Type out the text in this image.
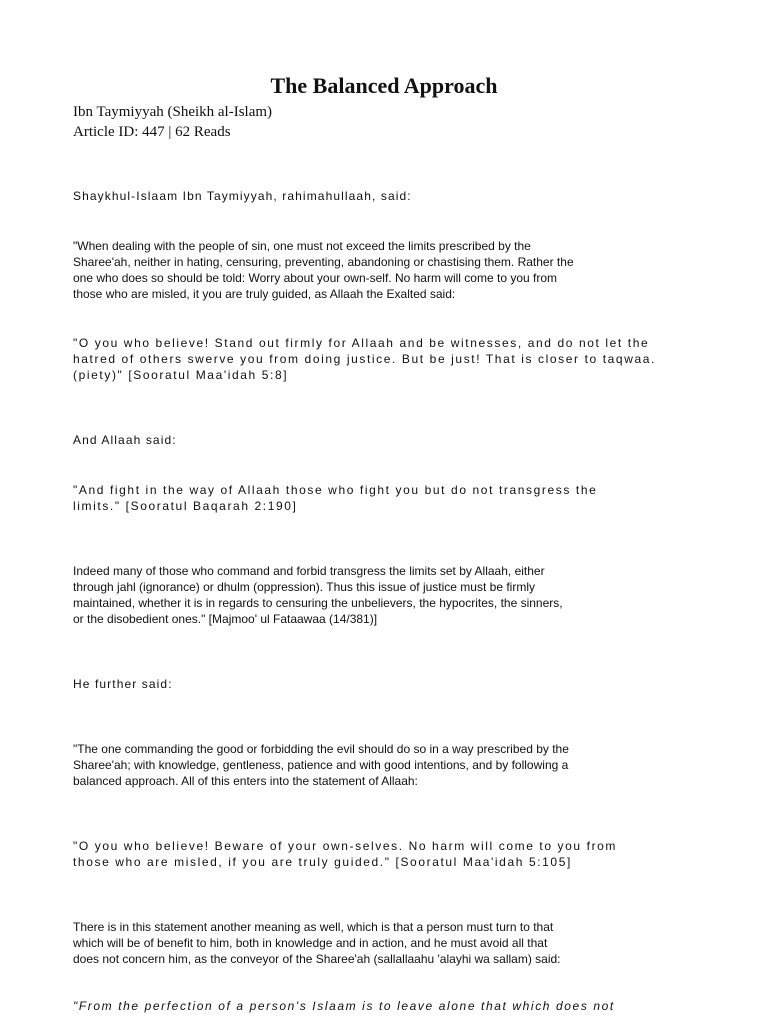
The Balanced Approach
Ibn Taymiyyah (Sheikh al-Islam)
Article ID: 447 | 62 Reads
Shaykhul-Islaam Ibn Taymiyyah, rahimahullaah, said:
"When dealing with the people of sin, one must not exceed the limits prescribed by the
Sharee'ah, neither in hating, censuring, preventing, abandoning or chastising them. Rather the
one who does so should be told: Worry about your own-self. No harm will come to you from
those who are misled, it you are truly guided, as Allaah the Exalted said:
"O you who believe! Stand out firmly for Allaah and be witnesses, and do not let the
hatred of others swerve you from doing justice. But be just! That is closer to taqwaa.
(piety)" [Sooratul Maa'idah 5:8]
And Allaah said:
"And fight in the way of Allaah those who fight you but do not transgress the
limits." [Sooratul Baqarah 2:190]
Indeed many of those who command and forbid transgress the limits set by Allaah, either
through jahl (ignorance) or dhulm (oppression). Thus this issue of justice must be firmly
maintained, whether it is in regards to censuring the unbelievers, the hypocrites, the sinners,
or the disobedient ones." [Majmoo' ul Fataawaa (14/381)]
He further said:
"The one commanding the good or forbidding the evil should do so in a way prescribed by the
Sharee'ah; with knowledge, gentleness, patience and with good intentions, and by following a
balanced approach. All of this enters into the statement of Allaah:
"O you who believe! Beware of your own-selves. No harm will come to you from
those who are misled, if you are truly guided." [Sooratul Maa'idah 5:105]
There is in this statement another meaning as well, which is that a person must turn to that
which will be of benefit to him, both in knowledge and in action, and he must avoid all that
does not concern him, as the conveyor of the Sharee'ah (sallallaahu 'alayhi wa sallam) said:
"From the perfection of a person's Islaam is to leave alone that which does not
